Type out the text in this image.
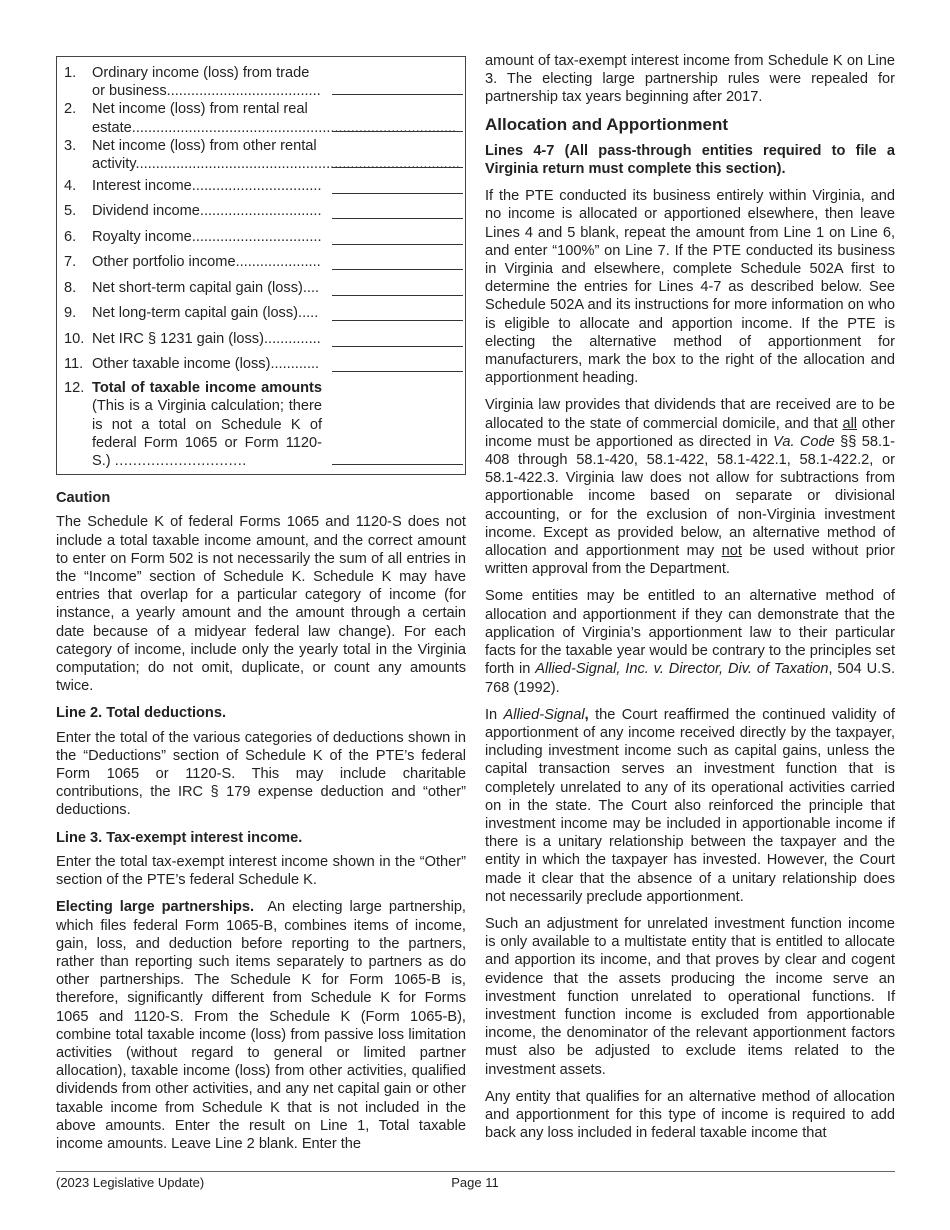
1.	Ordinary income (loss) from trade or business......................................
2.	Net income (loss) from rental real estate................................................................................
3.	Net income (loss) from other rental activity................................................................................
4.	Interest income................................
5.	Dividend income..............................
6.	Royalty income................................
7.	Other portfolio income.....................
8.	Net short-term capital gain (loss)....
9.	Net long-term capital gain (loss).....
10. Net IRC § 1231 gain (loss)..............
11. Other taxable income (loss)............
12. Total of taxable income amounts (This is a Virginia calculation; there is not a total on Schedule K of federal Form 1065 or Form 1120-S.) .............................
Caution

The Schedule K of federal Forms 1065 and 1120-S does not include a total taxable income amount, and the correct amount to enter on Form 502 is not necessarily the sum of all entries in the “Income” section of Schedule K. Schedule K may have entries that overlap for a particular category of income (for instance, a yearly amount and the amount through a certain date because of a midyear federal law change). For each category of income, include only the yearly total in the Virginia computation; do not omit, duplicate, or count any amounts twice.

Line 2. Total deductions.

Enter the total of the various categories of deductions shown in the “Deductions” section of Schedule K of the PTE’s federal Form 1065 or 1120-S. This may include charitable contributions, the IRC § 179 expense deduction and “other” deductions.

Line 3. Tax-exempt interest income.

Enter the total tax-exempt interest income shown in the “Other” section of the PTE’s federal Schedule K.

Electing large partnerships. An electing large partnership, which files federal Form 1065-B, combines items of income, gain, loss, and deduction before reporting to the partners, rather than reporting such items separately to partners as do other partnerships. The Schedule K for Form 1065-B is, therefore, significantly different from Schedule K for Forms 1065 and 1120-S. From the Schedule K (Form 1065-B), combine total taxable income (loss) from passive loss limitation activities (without regard to general or limited partner allocation), taxable income (loss) from other activities, qualified dividends from other activities, and any net capital gain or other taxable income from Schedule K that is not included in the above amounts. Enter the result on Line 1, Total taxable income amounts. Leave Line 2 blank. Enter the

amount of tax-exempt interest income from Schedule K on Line 3. The electing large partnership rules were repealed for partnership tax years beginning after 2017.

Allocation and Apportionment

Lines 4-7 (All pass-through entities required to file a Virginia return must complete this section).

If the PTE conducted its business entirely within Virginia, and no income is allocated or apportioned elsewhere, then leave Lines 4 and 5 blank, repeat the amount from Line 1 on Line 6, and enter “100%” on Line 7. If the PTE conducted its business in Virginia and elsewhere, complete Schedule 502A first to determine the entries for Lines 4-7 as described below. See Schedule 502A and its instructions for more information on who is eligible to allocate and apportion income. If the PTE is electing the alternative method of apportionment for manufacturers, mark the box to the right of the allocation and apportionment heading.

Virginia law provides that dividends that are received are to be allocated to the state of commercial domicile, and that all other income must be apportioned as directed in Va. Code §§ 58.1-408 through 58.1-420, 58.1-422, 58.1-422.1, 58.1-422.2, or 58.1-422.3. Virginia law does not allow for subtractions from apportionable income based on separate or divisional accounting, or for the exclusion of non-Virginia investment income. Except as provided below, an alternative method of allocation and apportionment may not be used without prior written approval from the Department.

Some entities may be entitled to an alternative method of allocation and apportionment if they can demonstrate that the application of Virginia’s apportionment law to their particular facts for the taxable year would be contrary to the principles set forth in Allied-Signal, Inc. v. Director, Div. of Taxation, 504 U.S. 768 (1992).

In Allied-Signal, the Court reaffirmed the continued validity of apportionment of any income received directly by the taxpayer, including investment income such as capital gains, unless the capital transaction serves an investment function that is completely unrelated to any of its operational activities carried on in the state. The Court also reinforced the principle that investment income may be included in apportionable income if there is a unitary relationship between the taxpayer and the entity in which the taxpayer has invested. However, the Court made it clear that the absence of a unitary relationship does not necessarily preclude apportionment.

Such an adjustment for unrelated investment function income is only available to a multistate entity that is entitled to allocate and apportion its income, and that proves by clear and cogent evidence that the assets producing the income serve an investment function unrelated to operational functions. If investment function income is excluded from apportionable income, the denominator of the relevant apportionment factors must also be adjusted to exclude items related to the investment assets.

Any entity that qualifies for an alternative method of allocation and apportionment for this type of income is required to add back any loss included in federal taxable income that

(2023 Legislative Update)	Page 11
